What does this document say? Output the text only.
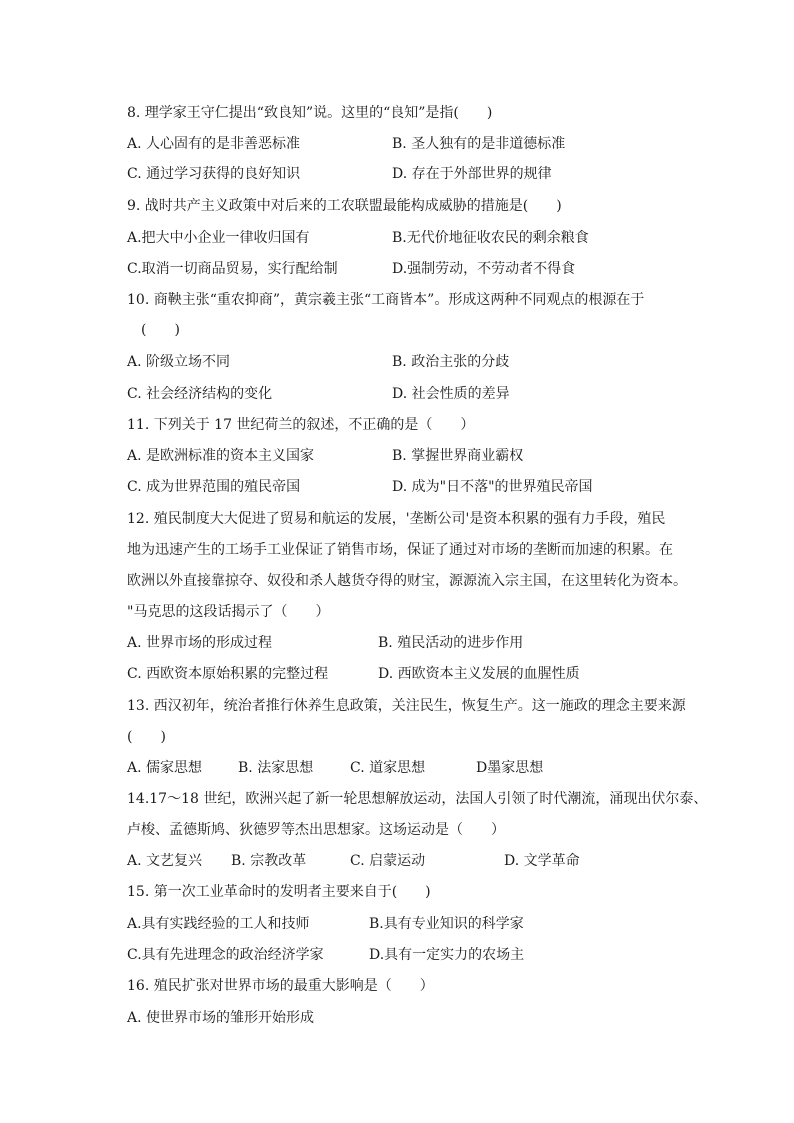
8. 理学家王守仁提出“致良知”说。这里的“良知”是指(　　)
A. 人心固有的是非善恶标准	B. 圣人独有的是非道德标准
C. 通过学习获得的良好知识	D. 存在于外部世界的规律
9. 战时共产主义政策中对后来的工农联盟最能构成威胁的措施是(　　)
A.把大中小企业一律收归国有	B.无代价地征收农民的剩余粮食
C.取消一切商品贸易，实行配给制	D.强制劳动，不劳动者不得食
10. 商鞅主张“重农抑商”，黄宗羲主张“工商皆本”。形成这两种不同观点的根源在于
(　　)
A. 阶级立场不同	B. 政治主张的分歧
C. 社会经济结构的变化	D. 社会性质的差异
11. 下列关于 17 世纪荷兰的叙述，不正确的是（　　）
A. 是欧洲标准的资本主义国家	B. 掌握世界商业霸权
C. 成为世界范围的殖民帝国	D. 成为"日不落"的世界殖民帝国
12. 殖民制度大大促进了贸易和航运的发展，'垄断公司'是资本积累的强有力手段，殖民
地为迅速产生的工场手工业保证了销售市场，保证了通过对市场的垄断而加速的积累。在
欧洲以外直接靠掠夺、奴役和杀人越货夺得的财宝，源源流入宗主国，在这里转化为资本。
"马克思的这段话揭示了（　　）
A. 世界市场的形成过程	B. 殖民活动的进步作用
C. 西欧资本原始积累的完整过程	D. 西欧资本主义发展的血腥性质
13. 西汉初年，统治者推行休养生息政策，关注民生，恢复生产。这一施政的理念主要来源
(　　)
A. 儒家思想	B. 法家思想	C. 道家思想	D墨家思想
14.17～18 世纪，欧洲兴起了新一轮思想解放运动，法国人引领了时代潮流，涌现出伏尔泰、
卢梭、孟德斯鸠、狄德罗等杰出思想家。这场运动是（　　）
A. 文艺复兴 B. 宗教改革	C. 启蒙运动	D. 文学革命
15. 第一次工业革命时的发明者主要来自于(　　)
A.具有实践经验的工人和技师	B.具有专业知识的科学家
C.具有先进理念的政治经济学家	D.具有一定实力的农场主
16. 殖民扩张对世界市场的最重大影响是（　　）
A. 使世界市场的雏形开始形成
